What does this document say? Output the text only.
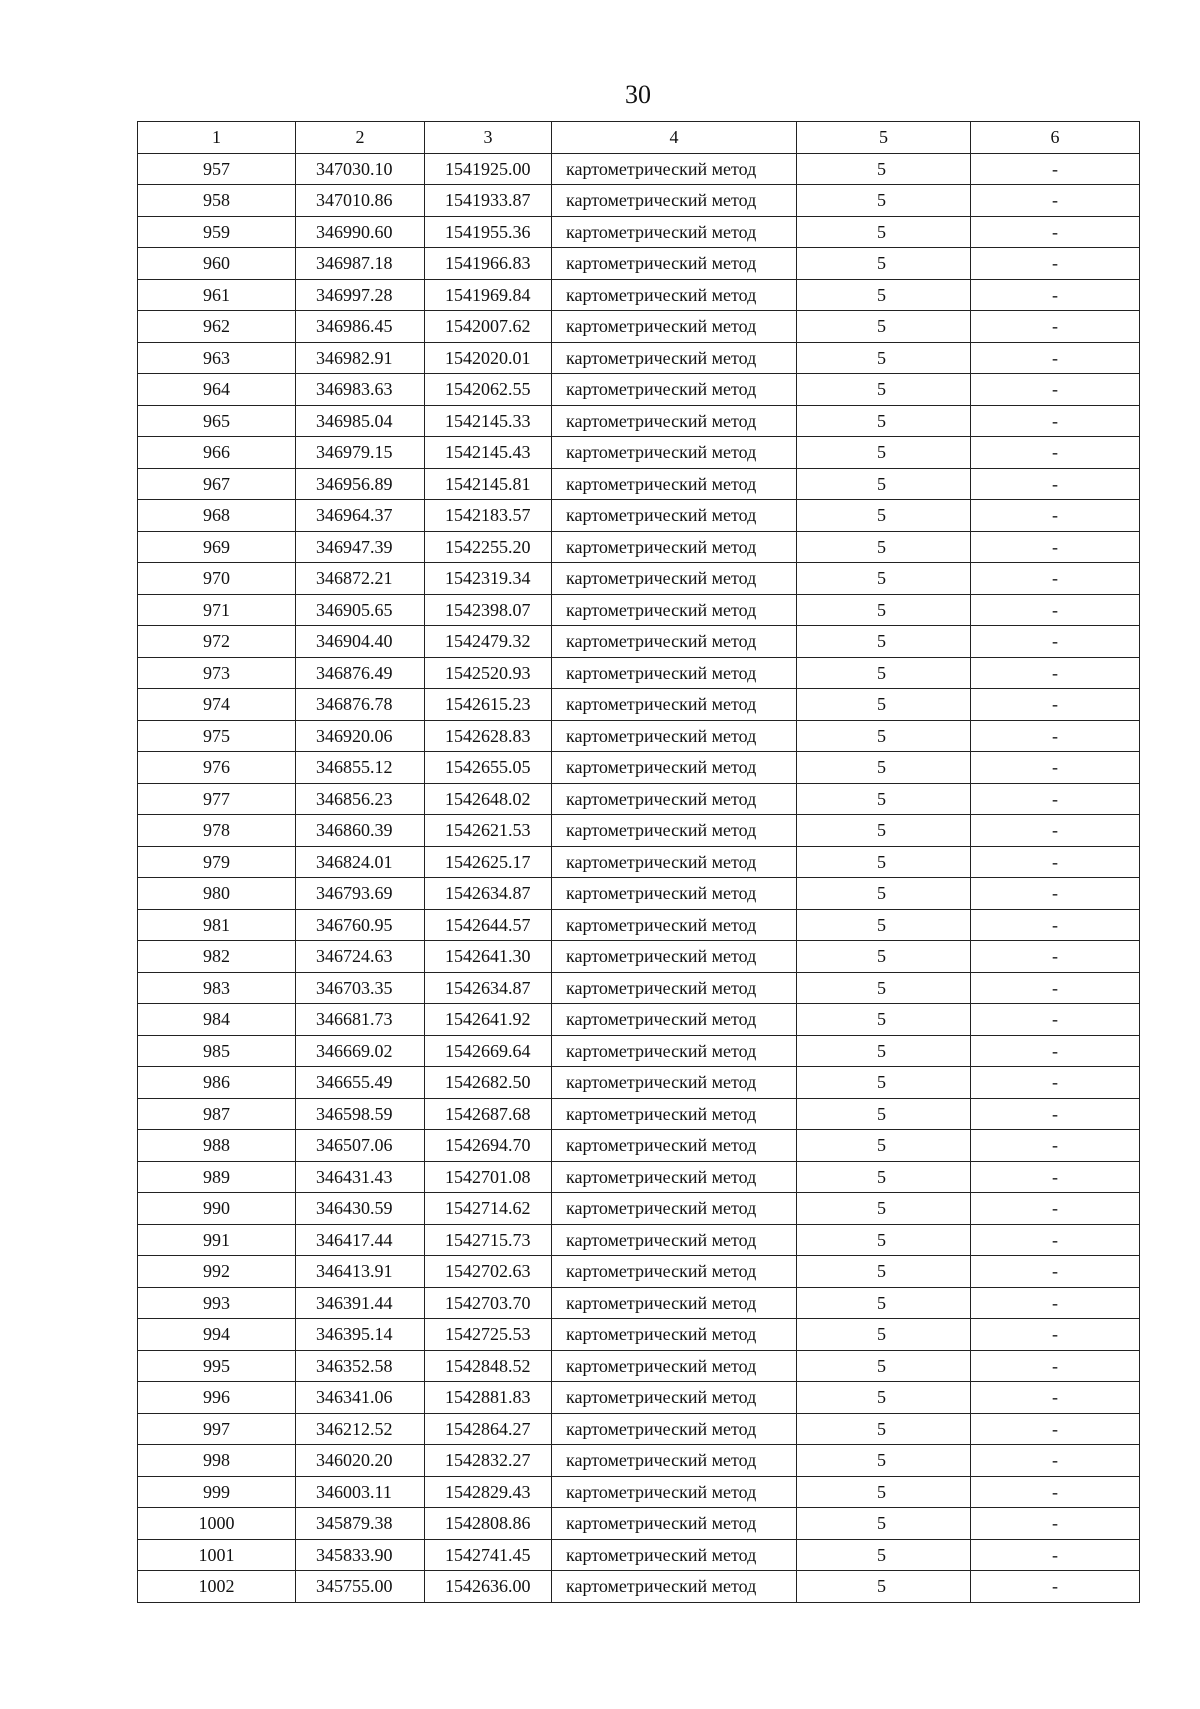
30
1	2	3	4	5	6
957	347030.10	1541925.00	картометрический метод	5	-
958	347010.86	1541933.87	картометрический метод	5	-
959	346990.60	1541955.36	картометрический метод	5	-
960	346987.18	1541966.83	картометрический метод	5	-
961	346997.28	1541969.84	картометрический метод	5	-
962	346986.45	1542007.62	картометрический метод	5	-
963	346982.91	1542020.01	картометрический метод	5	-
964	346983.63	1542062.55	картометрический метод	5	-
965	346985.04	1542145.33	картометрический метод	5	-
966	346979.15	1542145.43	картометрический метод	5	-
967	346956.89	1542145.81	картометрический метод	5	-
968	346964.37	1542183.57	картометрический метод	5	-
969	346947.39	1542255.20	картометрический метод	5	-
970	346872.21	1542319.34	картометрический метод	5	-
971	346905.65	1542398.07	картометрический метод	5	-
972	346904.40	1542479.32	картометрический метод	5	-
973	346876.49	1542520.93	картометрический метод	5	-
974	346876.78	1542615.23	картометрический метод	5	-
975	346920.06	1542628.83	картометрический метод	5	-
976	346855.12	1542655.05	картометрический метод	5	-
977	346856.23	1542648.02	картометрический метод	5	-
978	346860.39	1542621.53	картометрический метод	5	-
979	346824.01	1542625.17	картометрический метод	5	-
980	346793.69	1542634.87	картометрический метод	5	-
981	346760.95	1542644.57	картометрический метод	5	-
982	346724.63	1542641.30	картометрический метод	5	-
983	346703.35	1542634.87	картометрический метод	5	-
984	346681.73	1542641.92	картометрический метод	5	-
985	346669.02	1542669.64	картометрический метод	5	-
986	346655.49	1542682.50	картометрический метод	5	-
987	346598.59	1542687.68	картометрический метод	5	-
988	346507.06	1542694.70	картометрический метод	5	-
989	346431.43	1542701.08	картометрический метод	5	-
990	346430.59	1542714.62	картометрический метод	5	-
991	346417.44	1542715.73	картометрический метод	5	-
992	346413.91	1542702.63	картометрический метод	5	-
993	346391.44	1542703.70	картометрический метод	5	-
994	346395.14	1542725.53	картометрический метод	5	-
995	346352.58	1542848.52	картометрический метод	5	-
996	346341.06	1542881.83	картометрический метод	5	-
997	346212.52	1542864.27	картометрический метод	5	-
998	346020.20	1542832.27	картометрический метод	5	-
999	346003.11	1542829.43	картометрический метод	5	-
1000	345879.38	1542808.86	картометрический метод	5	-
1001	345833.90	1542741.45	картометрический метод	5	-
1002	345755.00	1542636.00	картометрический метод	5	-
